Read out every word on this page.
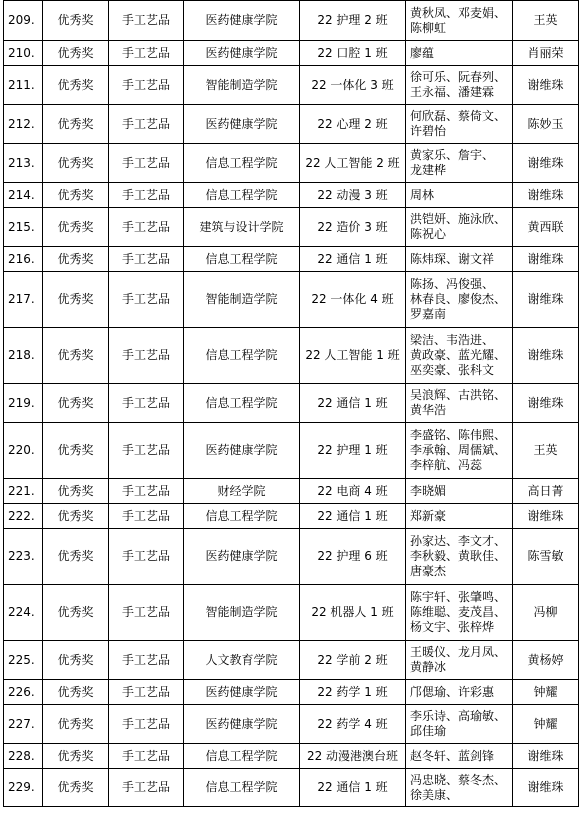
209.	优秀奖	手工艺品	医药健康学院	22 护理 2 班	黄秋凤、邓麦娟、
陈柳虹	王英
210.	优秀奖	手工艺品	医药健康学院	22 口腔 1 班	廖蕴	肖丽荣
211.	优秀奖	手工艺品	智能制造学院	22 一体化 3 班	徐可乐、阮春列、
王永福、潘建霖	谢维珠
212.	优秀奖	手工艺品	医药健康学院	22 心理 2 班	何欣磊、蔡倚文、
许碧怡	陈妙玉
213.	优秀奖	手工艺品	信息工程学院	22 人工智能 2 班	黄家乐、詹宇、
龙建桦	谢维珠
214.	优秀奖	手工艺品	信息工程学院	22 动漫 3 班	周林	谢维珠
215.	优秀奖	手工艺品	建筑与设计学院	22 造价 3 班	洪铠妍、施泳欣、
陈祝心	黄西联
216.	优秀奖	手工艺品	信息工程学院	22 通信 1 班	陈炜琛、谢文祥	谢维珠
217.	优秀奖	手工艺品	智能制造学院	22 一体化 4 班	陈扬、冯俊强、
林春良、廖俊杰、
罗嘉南	谢维珠
218.	优秀奖	手工艺品	信息工程学院	22 人工智能 1 班	梁洁、韦浩进、
黄政豪、蓝光耀、
巫奕豪、张科文	谢维珠
219.	优秀奖	手工艺品	信息工程学院	22 通信 1 班	吴浪辉、古洪铭、
黄华浩	谢维珠
220.	优秀奖	手工艺品	医药健康学院	22 护理 1 班	李盛铭、陈伟熙、
李承翰、周儒斌、
李梓航、冯蕊	王英
221.	优秀奖	手工艺品	财经学院	22 电商 4 班	李晓媚	高日菁
222.	优秀奖	手工艺品	信息工程学院	22 通信 1 班	郑新豪	谢维珠
223.	优秀奖	手工艺品	医药健康学院	22 护理 6 班	孙家达、李文才、
李秋毅、黄耿佳、
唐豪杰	陈雪敏
224.	优秀奖	手工艺品	智能制造学院	22 机器人 1 班	陈宇轩、张肇鸣、
陈维聪、麦茂昌、
杨文宇、张梓烨	冯柳
225.	优秀奖	手工艺品	人文教育学院	22 学前 2 班	王暖仪、龙月凤、
黄静冰	黄杨婷
226.	优秀奖	手工艺品	医药健康学院	22 药学 1 班	邝偲瑜、许彩惠	钟耀
227.	优秀奖	手工艺品	医药健康学院	22 药学 4 班	李乐诗、高瑜敏、
邱佳瑜	钟耀
228.	优秀奖	手工艺品	信息工程学院	22 动漫港澳台班	赵冬轩、蓝剑锋	谢维珠
229.	优秀奖	手工艺品	信息工程学院	22 通信 1 班	冯忠晓、蔡冬杰、
徐美康、	谢维珠
